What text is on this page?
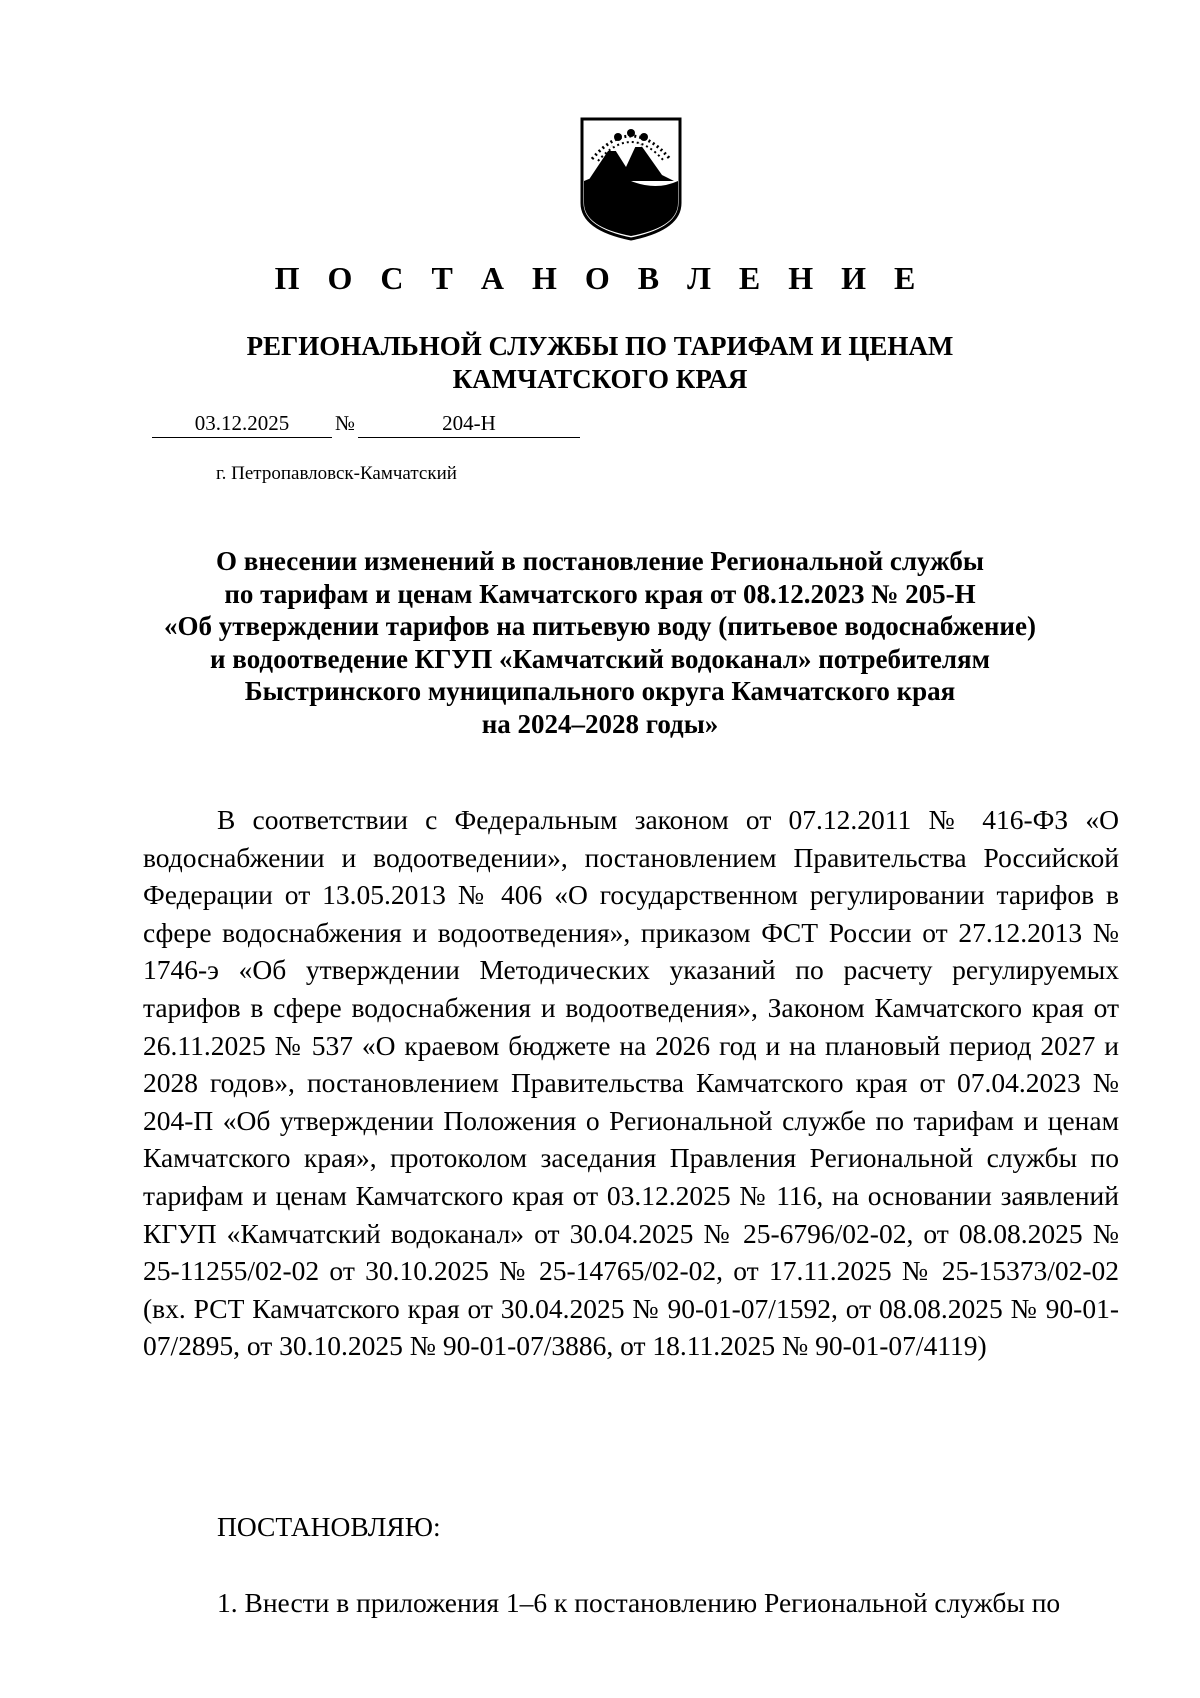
П О С Т А Н О В Л Е Н И Е
РЕГИОНАЛЬНОЙ СЛУЖБЫ ПО ТАРИФАМ И ЦЕНАМ
КАМЧАТСКОГО КРАЯ
03.12.2025	№	204-Н
г. Петропавловск-Камчатский
О внесении изменений в постановление Региональной службы
по тарифам и ценам Камчатского края от 08.12.2023 № 205-Н
«Об утверждении тарифов на питьевую воду (питьевое водоснабжение)
и водоотведение КГУП «Камчатский водоканал» потребителям
Быстринского муниципального округа Камчатского края
на 2024–2028 годы»
В соответствии с Федеральным законом от 07.12.2011 № 416-ФЗ «О водоснабжении и водоотведении», постановлением Правительства Российской Федерации от 13.05.2013 № 406 «О государственном регулировании тарифов в сфере водоснабжения и водоотведения», приказом ФСТ России от 27.12.2013 № 1746-э «Об утверждении Методических указаний по расчету регулируемых тарифов в сфере водоснабжения и водоотведения», Законом Камчатского края от 26.11.2025 № 537 «О краевом бюджете на 2026 год и на плановый период 2027 и 2028 годов», постановлением Правительства Камчатского края от 07.04.2023 № 204-П «Об утверждении Положения о Региональной службе по тарифам и ценам Камчатского края», протоколом заседания Правления Региональной службы по тарифам и ценам Камчатского края от 03.12.2025 № 116, на основании заявлений КГУП «Камчатский водоканал» от 30.04.2025 № 25-6796/02-02, от 08.08.2025 № 25-11255/02-02 от 30.10.2025 № 25-14765/02-02, от 17.11.2025 № 25-15373/02-02 (вх. РСТ Камчатского края от 30.04.2025 № 90-01-07/1592, от 08.08.2025 № 90-01-07/2895, от 30.10.2025 № 90-01-07/3886, от 18.11.2025 № 90-01-07/4119)
ПОСТАНОВЛЯЮ:
1. Внести в приложения 1–6 к постановлению Региональной службы по
